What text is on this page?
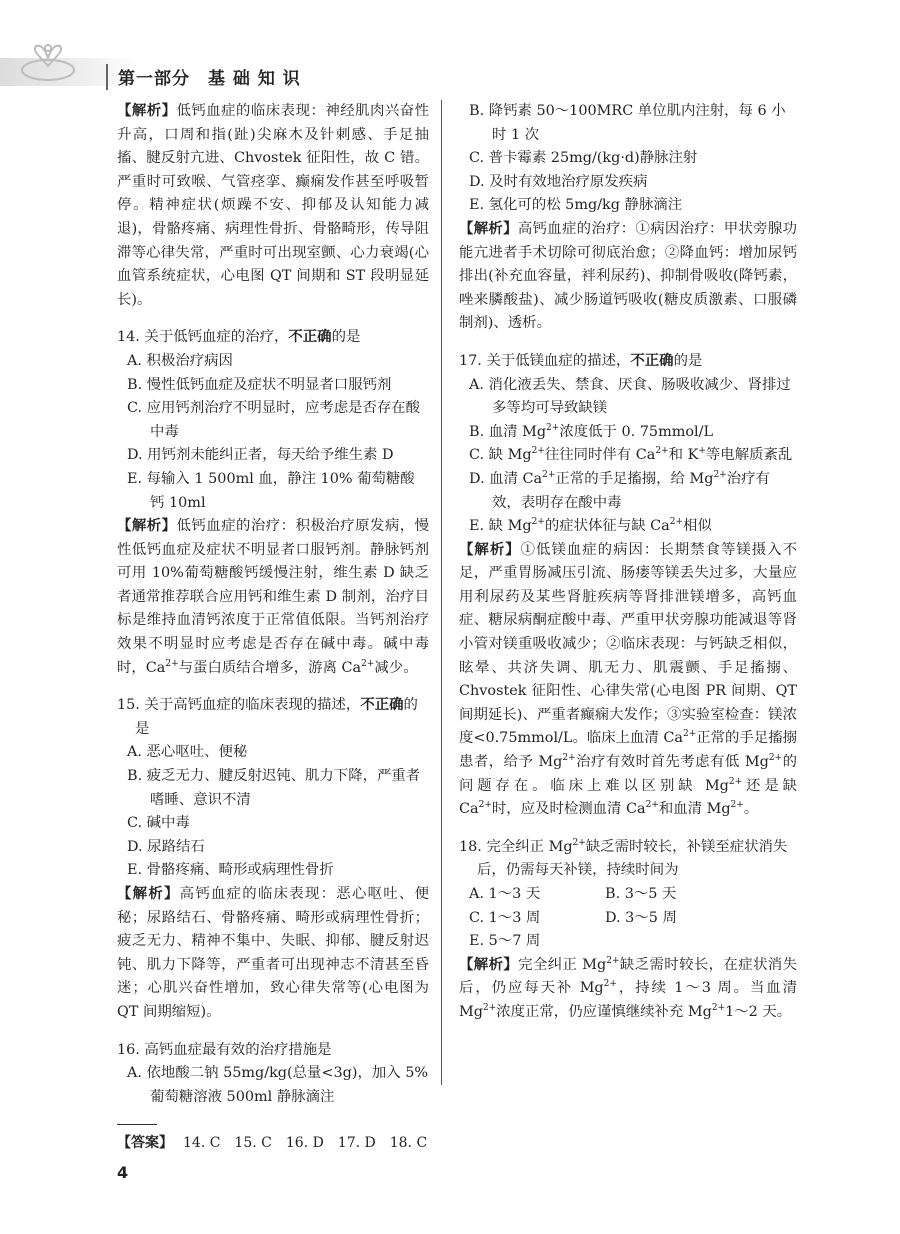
第一部分　基 础 知 识

【解析】低钙血症的临床表现：神经肌肉兴奋性升高，口周和指(趾)尖麻木及针刺感、手足抽搐、腱反射亢进、Chvostek 征阳性，故 C 错。严重时可致喉、气管痉挛、癫痫发作甚至呼吸暂停。精神症状(烦躁不安、抑郁及认知能力减退)，骨骼疼痛、病理性骨折、骨骼畸形，传导阻滞等心律失常，严重时可出现室颤、心力衰竭(心血管系统症状，心电图 QT 间期和 ST 段明显延长)。

14. 关于低钙血症的治疗，不正确的是

A. 积极治疗病因

B. 慢性低钙血症及症状不明显者口服钙剂

C. 应用钙剂治疗不明显时，应考虑是否存在酸中毒

D. 用钙剂未能纠正者，每天给予维生素 D

E. 每输入 1 500ml 血，静注 10% 葡萄糖酸钙 10ml

【解析】低钙血症的治疗：积极治疗原发病，慢性低钙血症及症状不明显者口服钙剂。静脉钙剂可用 10%葡萄糖酸钙缓慢注射，维生素 D 缺乏者通常推荐联合应用钙和维生素 D 制剂，治疗目标是维持血清钙浓度于正常值低限。当钙剂治疗效果不明显时应考虑是否存在碱中毒。碱中毒时，$Ca^{2+}$与蛋白质结合增多，游离 $Ca^{2+}$减少。

15. 关于高钙血症的临床表现的描述，不正确的是

A. 恶心呕吐、便秘

B. 疲乏无力、腱反射迟钝、肌力下降，严重者嗜睡、意识不清

C. 碱中毒

D. 尿路结石

E. 骨骼疼痛、畸形或病理性骨折

【解析】高钙血症的临床表现：恶心呕吐、便秘；尿路结石、骨骼疼痛、畸形或病理性骨折；疲乏无力、精神不集中、失眠、抑郁、腱反射迟钝、肌力下降等，严重者可出现神志不清甚至昏迷；心肌兴奋性增加，致心律失常等(心电图为 QT 间期缩短)。

16. 高钙血症最有效的治疗措施是

A. 依地酸二钠 55mg/kg(总量<3g)，加入 5%葡萄糖溶液 500ml 静脉滴注

B. 降钙素 50～100MRC 单位肌内注射，每 6 小时 1 次

C. 普卡霉素 25mg/(kg·d)静脉注射

D. 及时有效地治疗原发疾病

E. 氢化可的松 5mg/kg 静脉滴注

【解析】高钙血症的治疗：①病因治疗：甲状旁腺功能亢进者手术切除可彻底治愈；②降血钙：增加尿钙排出(补充血容量，袢利尿药)、抑制骨吸收(降钙素，唑来膦酸盐)、减少肠道钙吸收(糖皮质激素、口服磷制剂)、透析。

17. 关于低镁血症的描述，不正确的是

A. 消化液丢失、禁食、厌食、肠吸收减少、肾排过多等均可导致缺镁

B. 血清 $Mg^{2+}$浓度低于 0. 75mmol/L

C. 缺 $Mg^{2+}$往往同时伴有 $Ca^{2+}$和 K+等电解质紊乱

D. 血清 $Ca^{2+}$正常的手足搐搦，给 $Mg^{2+}$治疗有效，表明存在酸中毒

E. 缺 $Mg^{2+}$的症状体征与缺 $Ca^{2+}$相似

【解析】①低镁血症的病因：长期禁食等镁摄入不足，严重胃肠减压引流、肠瘘等镁丢失过多，大量应用利尿药及某些肾脏疾病等肾排泄镁增多，高钙血症、糖尿病酮症酸中毒、严重甲状旁腺功能减退等肾小管对镁重吸收减少；②临床表现：与钙缺乏相似，眩晕、共济失调、肌无力、肌震颤、手足搐搦、Chvostek 征阳性、心律失常(心电图 PR 间期、QT 间期延长)、严重者癫痫大发作；③实验室检查：镁浓度<0.75mmol/L。临床上血清 $Ca^{2+}$正常的手足搐搦患者，给予 $Mg^{2+}$治疗有效时首先考虑有低 $Mg^{2+}$的问题存在。临床上难以区别缺 $Mg^{2+}$还是缺 $Ca^{2+}$时，应及时检测血清 $Ca^{2+}$和血清 $Mg^{2+}$。

18. 完全纠正 $Mg^{2+}$缺乏需时较长，补镁至症状消失后，仍需每天补镁，持续时间为

A. 1～3 天	B. 3～5 天
C. 1～3 周	D. 3～5 周
E. 5～7 周

【解析】完全纠正 $Mg^{2+}$缺乏需时较长，在症状消失后，仍应每天补 $Mg^{2+}$，持续 1～3 周。当血清 $Mg^{2+}$浓度正常，仍应谨慎继续补充 $Mg^{2+}1\sim 2$ 天。

【答案】 14. C　15. C　16. D　17. D　18. C
4
